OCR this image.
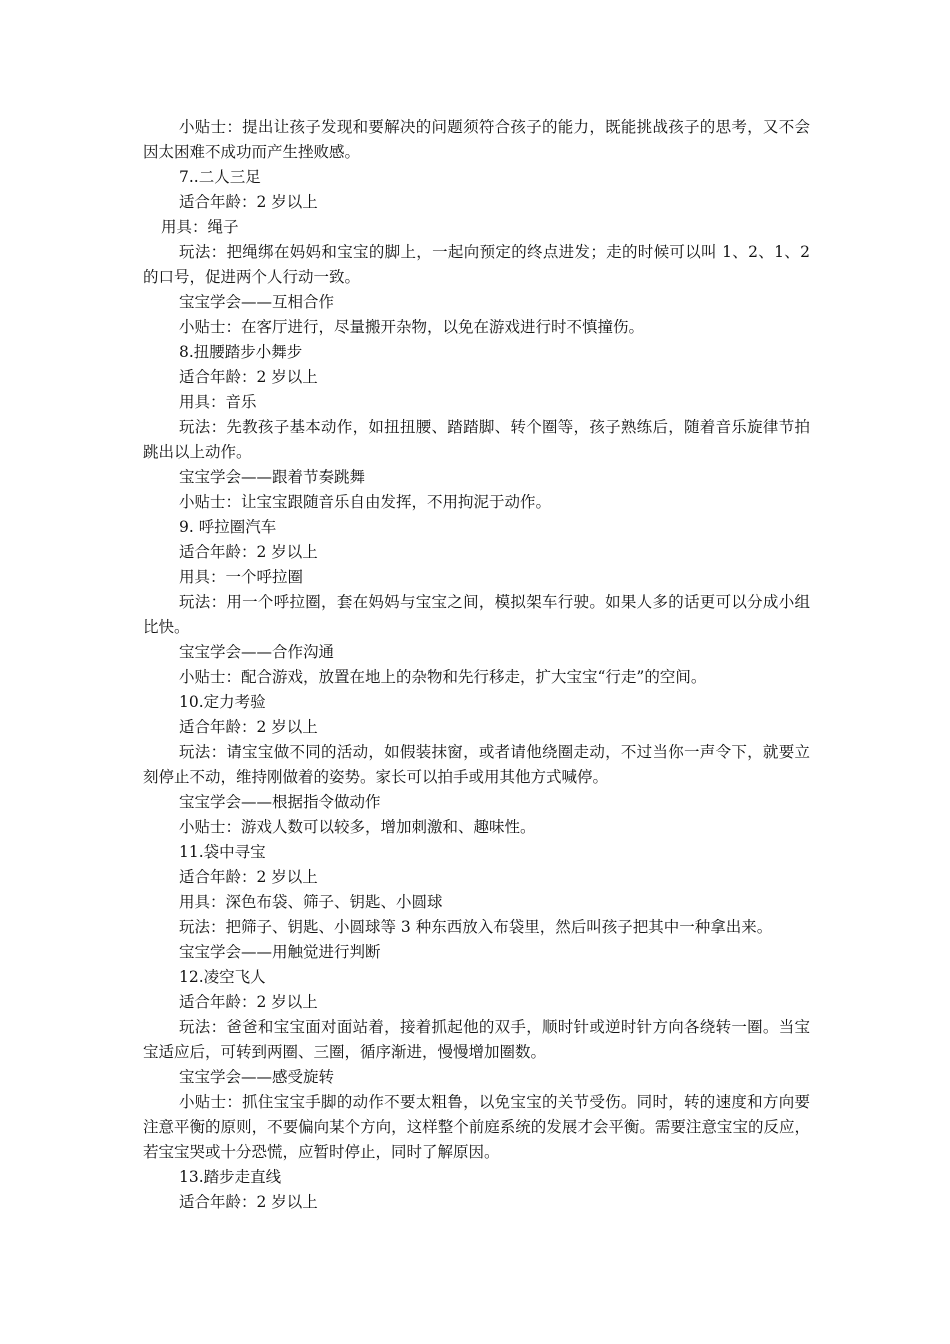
小贴士：提出让孩子发现和要解决的问题须符合孩子的能力，既能挑战孩子的思考，又不会因太困难不成功而产生挫败感。

7..二人三足

适合年龄：2 岁以上

用具：绳子

玩法：把绳绑在妈妈和宝宝的脚上，一起向预定的终点进发；走的时候可以叫 1、2、1、2 的口号，促进两个人行动一致。

宝宝学会——互相合作

小贴士：在客厅进行，尽量搬开杂物，以免在游戏进行时不慎撞伤。

8.扭腰踏步小舞步

适合年龄：2 岁以上

用具：音乐

玩法：先教孩子基本动作，如扭扭腰、踏踏脚、转个圈等，孩子熟练后，随着音乐旋律节拍跳出以上动作。

宝宝学会——跟着节奏跳舞

小贴士：让宝宝跟随音乐自由发挥，不用拘泥于动作。

9. 呼拉圈汽车

适合年龄：2 岁以上

用具：一个呼拉圈

玩法：用一个呼拉圈，套在妈妈与宝宝之间，模拟架车行驶。如果人多的话更可以分成小组比快。

宝宝学会——合作沟通

小贴士：配合游戏，放置在地上的杂物和先行移走，扩大宝宝“行走”的空间。

10.定力考验

适合年龄：2 岁以上

玩法：请宝宝做不同的活动，如假装抹窗，或者请他绕圈走动，不过当你一声令下，就要立刻停止不动，维持刚做着的姿势。家长可以拍手或用其他方式喊停。

宝宝学会——根据指令做动作

小贴士：游戏人数可以较多，增加刺激和、趣味性。

11.袋中寻宝

适合年龄：2 岁以上

用具：深色布袋、筛子、钥匙、小圆球

玩法：把筛子、钥匙、小圆球等 3 种东西放入布袋里，然后叫孩子把其中一种拿出来。

宝宝学会——用触觉进行判断

12.凌空飞人

适合年龄：2 岁以上

玩法：爸爸和宝宝面对面站着，接着抓起他的双手，顺时针或逆时针方向各绕转一圈。当宝宝适应后，可转到两圈、三圈，循序渐进，慢慢增加圈数。

宝宝学会——感受旋转

小贴士：抓住宝宝手脚的动作不要太粗鲁，以免宝宝的关节受伤。同时，转的速度和方向要注意平衡的原则，不要偏向某个方向，这样整个前庭系统的发展才会平衡。需要注意宝宝的反应，若宝宝哭或十分恐慌，应暂时停止，同时了解原因。

13.踏步走直线

适合年龄：2 岁以上
